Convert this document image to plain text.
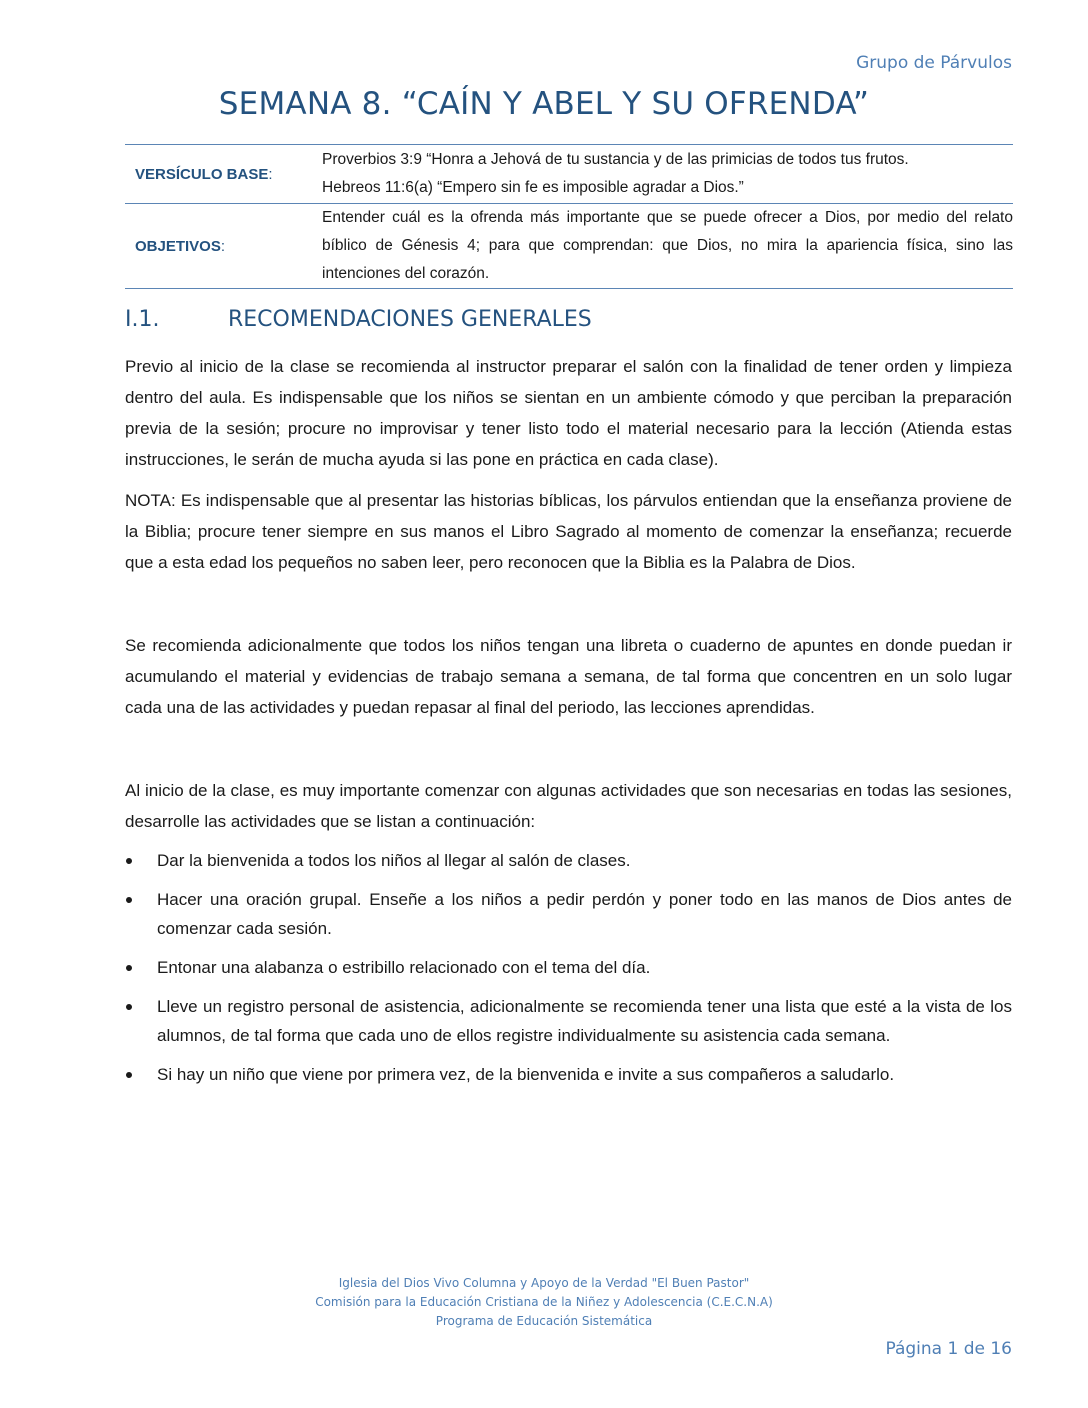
Grupo de Párvulos
SEMANA 8. “CAÍN Y ABEL Y SU OFRENDA”
VERSÍCULO BASE:	Proverbios 3:9 “Honra a Jehová de tu sustancia y de las primicias de todos tus frutos.
Hebreos 11:6(a) “Empero sin fe es imposible agradar a Dios.”

OBJETIVOS:	Entender cuál es la ofrenda más importante que se puede ofrecer a Dios, por medio del relato bíblico de Génesis 4; para que comprendan: que Dios, no mira la apariencia física, sino las intenciones del corazón.
I.1.	RECOMENDACIONES GENERALES

Previo al inicio de la clase se recomienda al instructor preparar el salón con la finalidad de tener orden y limpieza dentro del aula. Es indispensable que los niños se sientan en un ambiente cómodo y que perciban la preparación previa de la sesión; procure no improvisar y tener listo todo el material necesario para la lección (Atienda estas instrucciones, le serán de mucha ayuda si las pone en práctica en cada clase).

NOTA: Es indispensable que al presentar las historias bíblicas, los párvulos entiendan que la enseñanza proviene de la Biblia; procure tener siempre en sus manos el Libro Sagrado al momento de comenzar la enseñanza; recuerde que a esta edad los pequeños no saben leer, pero reconocen que la Biblia es la Palabra de Dios.

Se recomienda adicionalmente que todos los niños tengan una libreta o cuaderno de apuntes en donde puedan ir acumulando el material y evidencias de trabajo semana a semana, de tal forma que concentren en un solo lugar cada una de las actividades y puedan repasar al final del periodo, las lecciones aprendidas.

Al inicio de la clase, es muy importante comenzar con algunas actividades que son necesarias en todas las sesiones, desarrolle las actividades que se listan a continuación:

Dar la bienvenida a todos los niños al llegar al salón de clases.
Hacer una oración grupal. Enseñe a los niños a pedir perdón y poner todo en las manos de Dios antes de comenzar cada sesión.
Entonar una alabanza o estribillo relacionado con el tema del día.
Lleve un registro personal de asistencia, adicionalmente se recomienda tener una lista que esté a la vista de los alumnos, de tal forma que cada uno de ellos registre individualmente su asistencia cada semana.
Si hay un niño que viene por primera vez, de la bienvenida e invite a sus compañeros a saludarlo.
Iglesia del Dios Vivo Columna y Apoyo de la Verdad "El Buen Pastor"
Comisión para la Educación Cristiana de la Niñez y Adolescencia (C.E.C.N.A)
Programa de Educación Sistemática
Página 1 de 16
